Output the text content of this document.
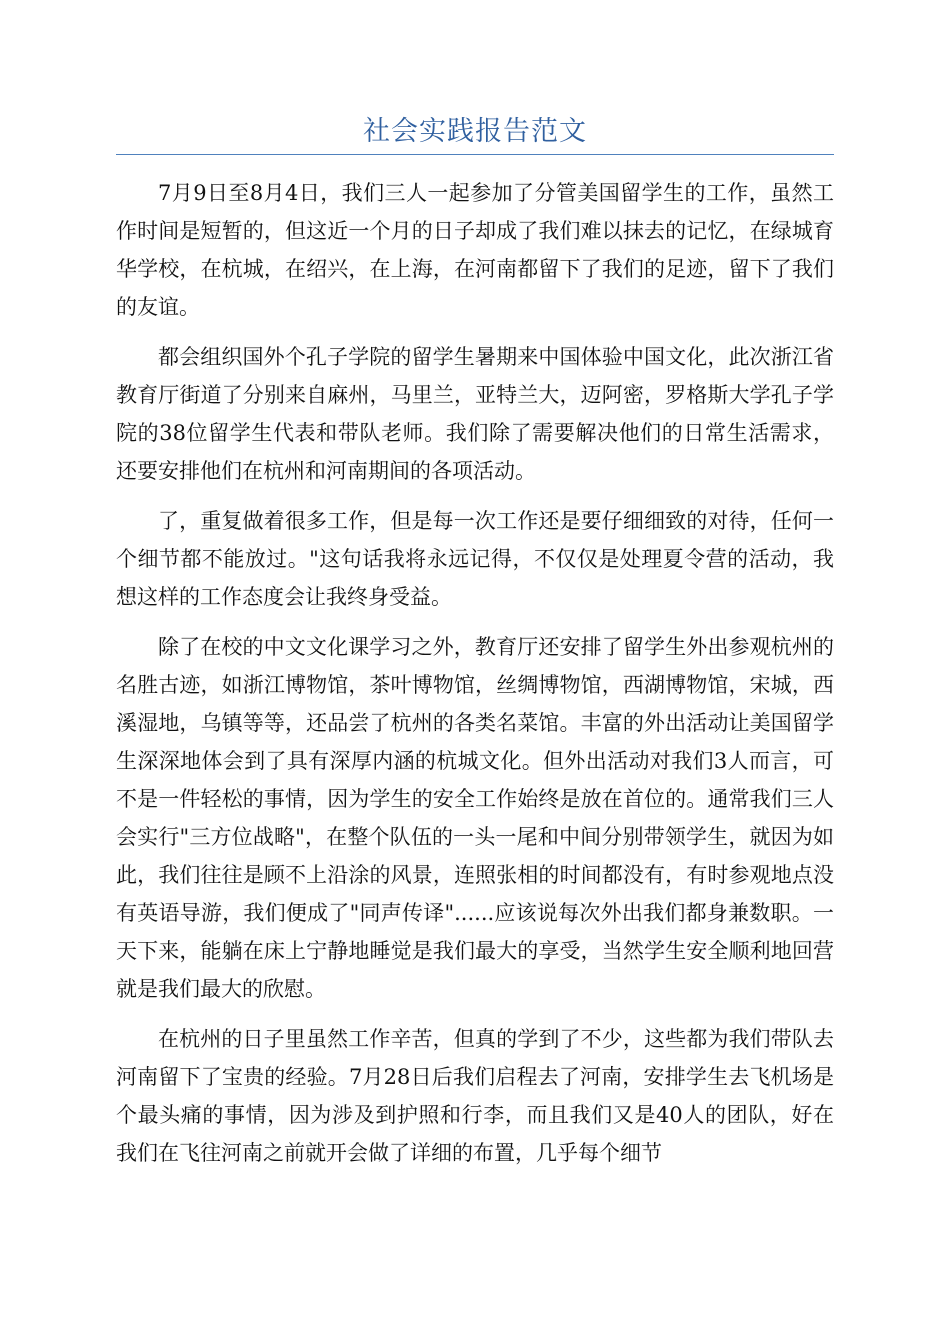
社会实践报告范文

7月9日至8月4日，我们三人一起参加了分管美国留学生的工作，虽然工作时间是短暂的，但这近一个月的日子却成了我们难以抹去的记忆，在绿城育华学校，在杭城，在绍兴，在上海，在河南都留下了我们的足迹，留下了我们的友谊。

都会组织国外个孔子学院的留学生暑期来中国体验中国文化，此次浙江省教育厅街道了分别来自麻州，马里兰，亚特兰大，迈阿密，罗格斯大学孔子学院的38位留学生代表和带队老师。我们除了需要解决他们的日常生活需求，还要安排他们在杭州和河南期间的各项活动。

了，重复做着很多工作，但是每一次工作还是要仔细细致的对待，任何一个细节都不能放过。"这句话我将永远记得，不仅仅是处理夏令营的活动，我想这样的工作态度会让我终身受益。

除了在校的中文文化课学习之外，教育厅还安排了留学生外出参观杭州的名胜古迹，如浙江博物馆，茶叶博物馆，丝绸博物馆，西湖博物馆，宋城，西溪湿地，乌镇等等，还品尝了杭州的各类名菜馆。丰富的外出活动让美国留学生深深地体会到了具有深厚内涵的杭城文化。但外出活动对我们3人而言，可不是一件轻松的事情，因为学生的安全工作始终是放在首位的。通常我们三人会实行"三方位战略"，在整个队伍的一头一尾和中间分别带领学生，就因为如此，我们往往是顾不上沿涂的风景，连照张相的时间都没有，有时参观地点没有英语导游，我们便成了"同声传译"......应该说每次外出我们都身兼数职。一天下来，能躺在床上宁静地睡觉是我们最大的享受，当然学生安全顺利地回营就是我们最大的欣慰。

在杭州的日子里虽然工作辛苦，但真的学到了不少，这些都为我们带队去河南留下了宝贵的经验。7月28日后我们启程去了河南，安排学生去飞机场是个最头痛的事情，因为涉及到护照和行李，而且我们又是40人的团队，好在我们在飞往河南之前就开会做了详细的布置，几乎每个细节
